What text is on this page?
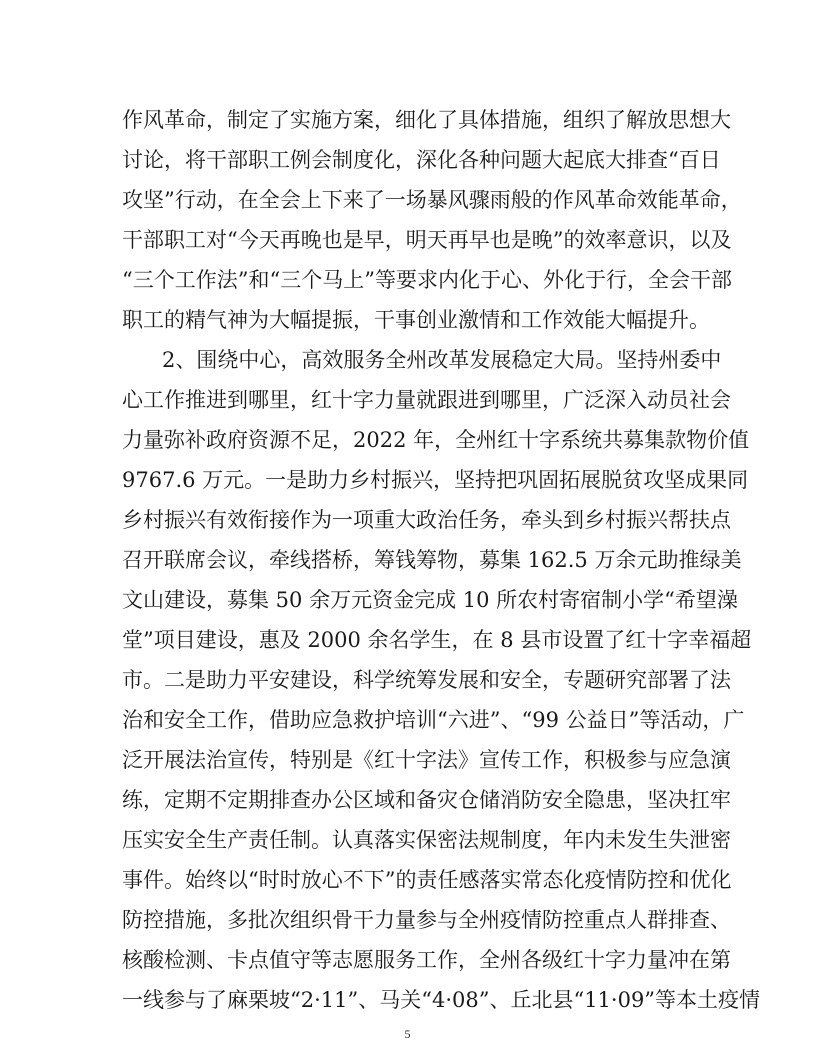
作风革命，制定了实施方案，细化了具体措施，组织了解放思想大
讨论，将干部职工例会制度化，深化各种问题大起底大排查“百日
攻坚”行动，在全会上下来了一场暴风骤雨般的作风革命效能革命，
干部职工对“今天再晚也是早，明天再早也是晚”的效率意识，以及
“三个工作法”和“三个马上”等要求内化于心、外化于行，全会干部
职工的精气神为大幅提振，干事创业激情和工作效能大幅提升。
2、围绕中心，高效服务全州改革发展稳定大局。坚持州委中
心工作推进到哪里，红十字力量就跟进到哪里，广泛深入动员社会
力量弥补政府资源不足，2022 年，全州红十字系统共募集款物价值
9767.6 万元。一是助力乡村振兴，坚持把巩固拓展脱贫攻坚成果同
乡村振兴有效衔接作为一项重大政治任务，牵头到乡村振兴帮扶点
召开联席会议，牵线搭桥，筹钱筹物，募集 162.5 万余元助推绿美
文山建设，募集 50 余万元资金完成 10 所农村寄宿制小学“希望澡
堂”项目建设，惠及 2000 余名学生，在 8 县市设置了红十字幸福超
市。二是助力平安建设，科学统筹发展和安全，专题研究部署了法
治和安全工作，借助应急救护培训“六进”、“99 公益日”等活动，广
泛开展法治宣传，特别是《红十字法》宣传工作，积极参与应急演
练，定期不定期排查办公区域和备灾仓储消防安全隐患，坚决扛牢
压实安全生产责任制。认真落实保密法规制度，年内未发生失泄密
事件。始终以“时时放心不下”的责任感落实常态化疫情防控和优化
防控措施，多批次组织骨干力量参与全州疫情防控重点人群排查、
核酸检测、卡点值守等志愿服务工作，全州各级红十字力量冲在第
一线参与了麻栗坡“2·11”、马关“4·08”、丘北县“11·09”等本土疫情
5
